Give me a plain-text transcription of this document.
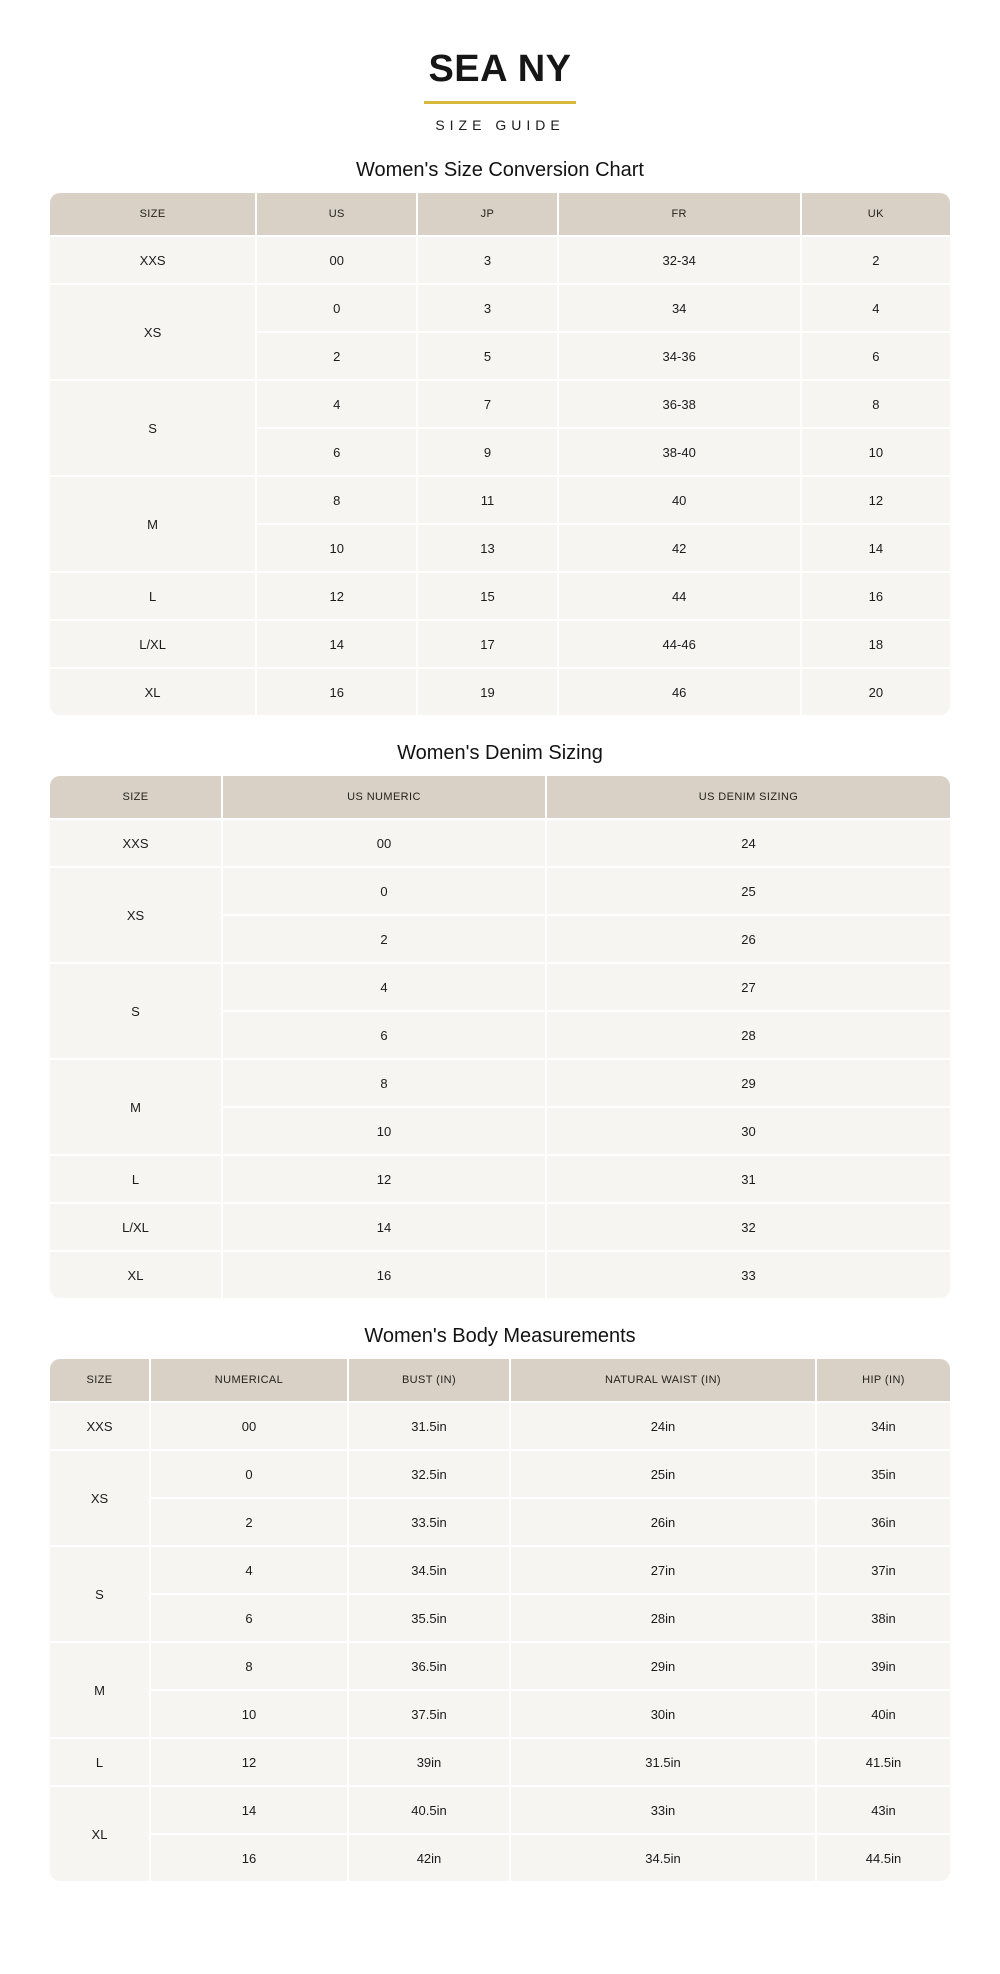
SEA NY
SIZE GUIDE
Women's Size Conversion Chart
SIZE	US	JP	FR	UK
XXS	00	3	32-34	2
XS	0	3	34	4
	2	5	34-36	6
S	4	7	36-38	8
	6	9	38-40	10
M	8	11	40	12
	10	13	42	14
L	12	15	44	16
L/XL	14	17	44-46	18
XL	16	19	46	20
Women's Denim Sizing
SIZE	US NUMERIC	US DENIM SIZING
XXS	00	24
XS	0	25
	2	26
S	4	27
	6	28
M	8	29
	10	30
L	12	31
L/XL	14	32
XL	16	33
Women's Body Measurements
SIZE	NUMERICAL	BUST (IN)	NATURAL WAIST (IN)	HIP (IN)
XXS	00	31.5in	24in	34in
XS	0	32.5in	25in	35in
	2	33.5in	26in	36in
S	4	34.5in	27in	37in
	6	35.5in	28in	38in
M	8	36.5in	29in	39in
	10	37.5in	30in	40in
L	12	39in	31.5in	41.5in
XL	14	40.5in	33in	43in
	16	42in	34.5in	44.5in
